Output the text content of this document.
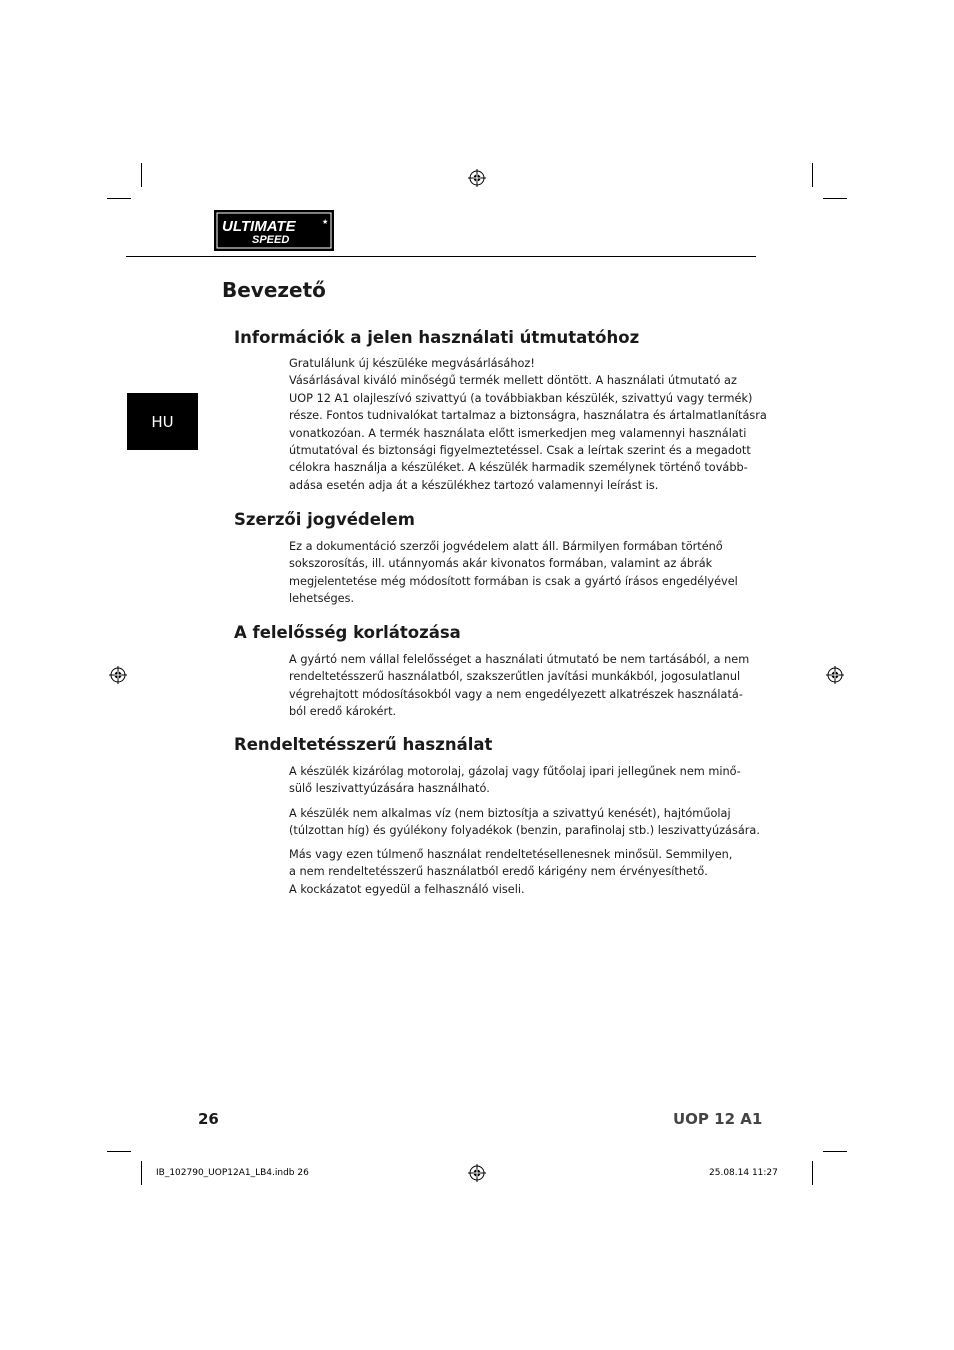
ULTIMATE
SPEED
★
HU
Bevezető
Információk a jelen használati útmutatóhoz
Gratulálunk új készüléke megvásárlásához!
Vásárlásával kiváló minőségű termék mellett döntött. A használati útmutató az
UOP 12 A1 olajleszívó szivattyú (a továbbiakban készülék, szivattyú vagy termék)
része. Fontos tudnivalókat tartalmaz a biztonságra, használatra és ártalmatlanításra
vonatkozóan. A termék használata előtt ismerkedjen meg valamennyi használati
útmutatóval és biztonsági figyelmeztetéssel. Csak a leírtak szerint és a megadott
célokra használja a készüléket. A készülék harmadik személynek történő tovább-
adása esetén adja át a készülékhez tartozó valamennyi leírást is.
Szerzői jogvédelem
Ez a dokumentáció szerzői jogvédelem alatt áll. Bármilyen formában történő
sokszorosítás, ill. utánnyomás akár kivonatos formában, valamint az ábrák
megjelentetése még módosított formában is csak a gyártó írásos engedélyével
lehetséges.
A felelősség korlátozása
A gyártó nem vállal felelősséget a használati útmutató be nem tartásából, a nem
rendeltetésszerű használatból, szakszerűtlen javítási munkákból, jogosulatlanul
végrehajtott módosításokból vagy a nem engedélyezett alkatrészek használatá-
ból eredő károkért.
Rendeltetésszerű használat
A készülék kizárólag motorolaj, gázolaj vagy fűtőolaj ipari jellegűnek nem minő-
sülő leszivattyúzására használható.
A készülék nem alkalmas víz (nem biztosítja a szivattyú kenését), hajtóműolaj
(túlzottan híg) és gyúlékony folyadékok (benzin, parafinolaj stb.) leszivattyúzására.
Más vagy ezen túlmenő használat rendeltetésellenesnek minősül. Semmilyen,
a nem rendeltetésszerű használatból eredő kárigény nem érvényesíthető.
A kockázatot egyedül a felhasználó viseli.
26	UOP 12 A1
IB_102790_UOP12A1_LB4.indb 26	25.08.14 11:27
